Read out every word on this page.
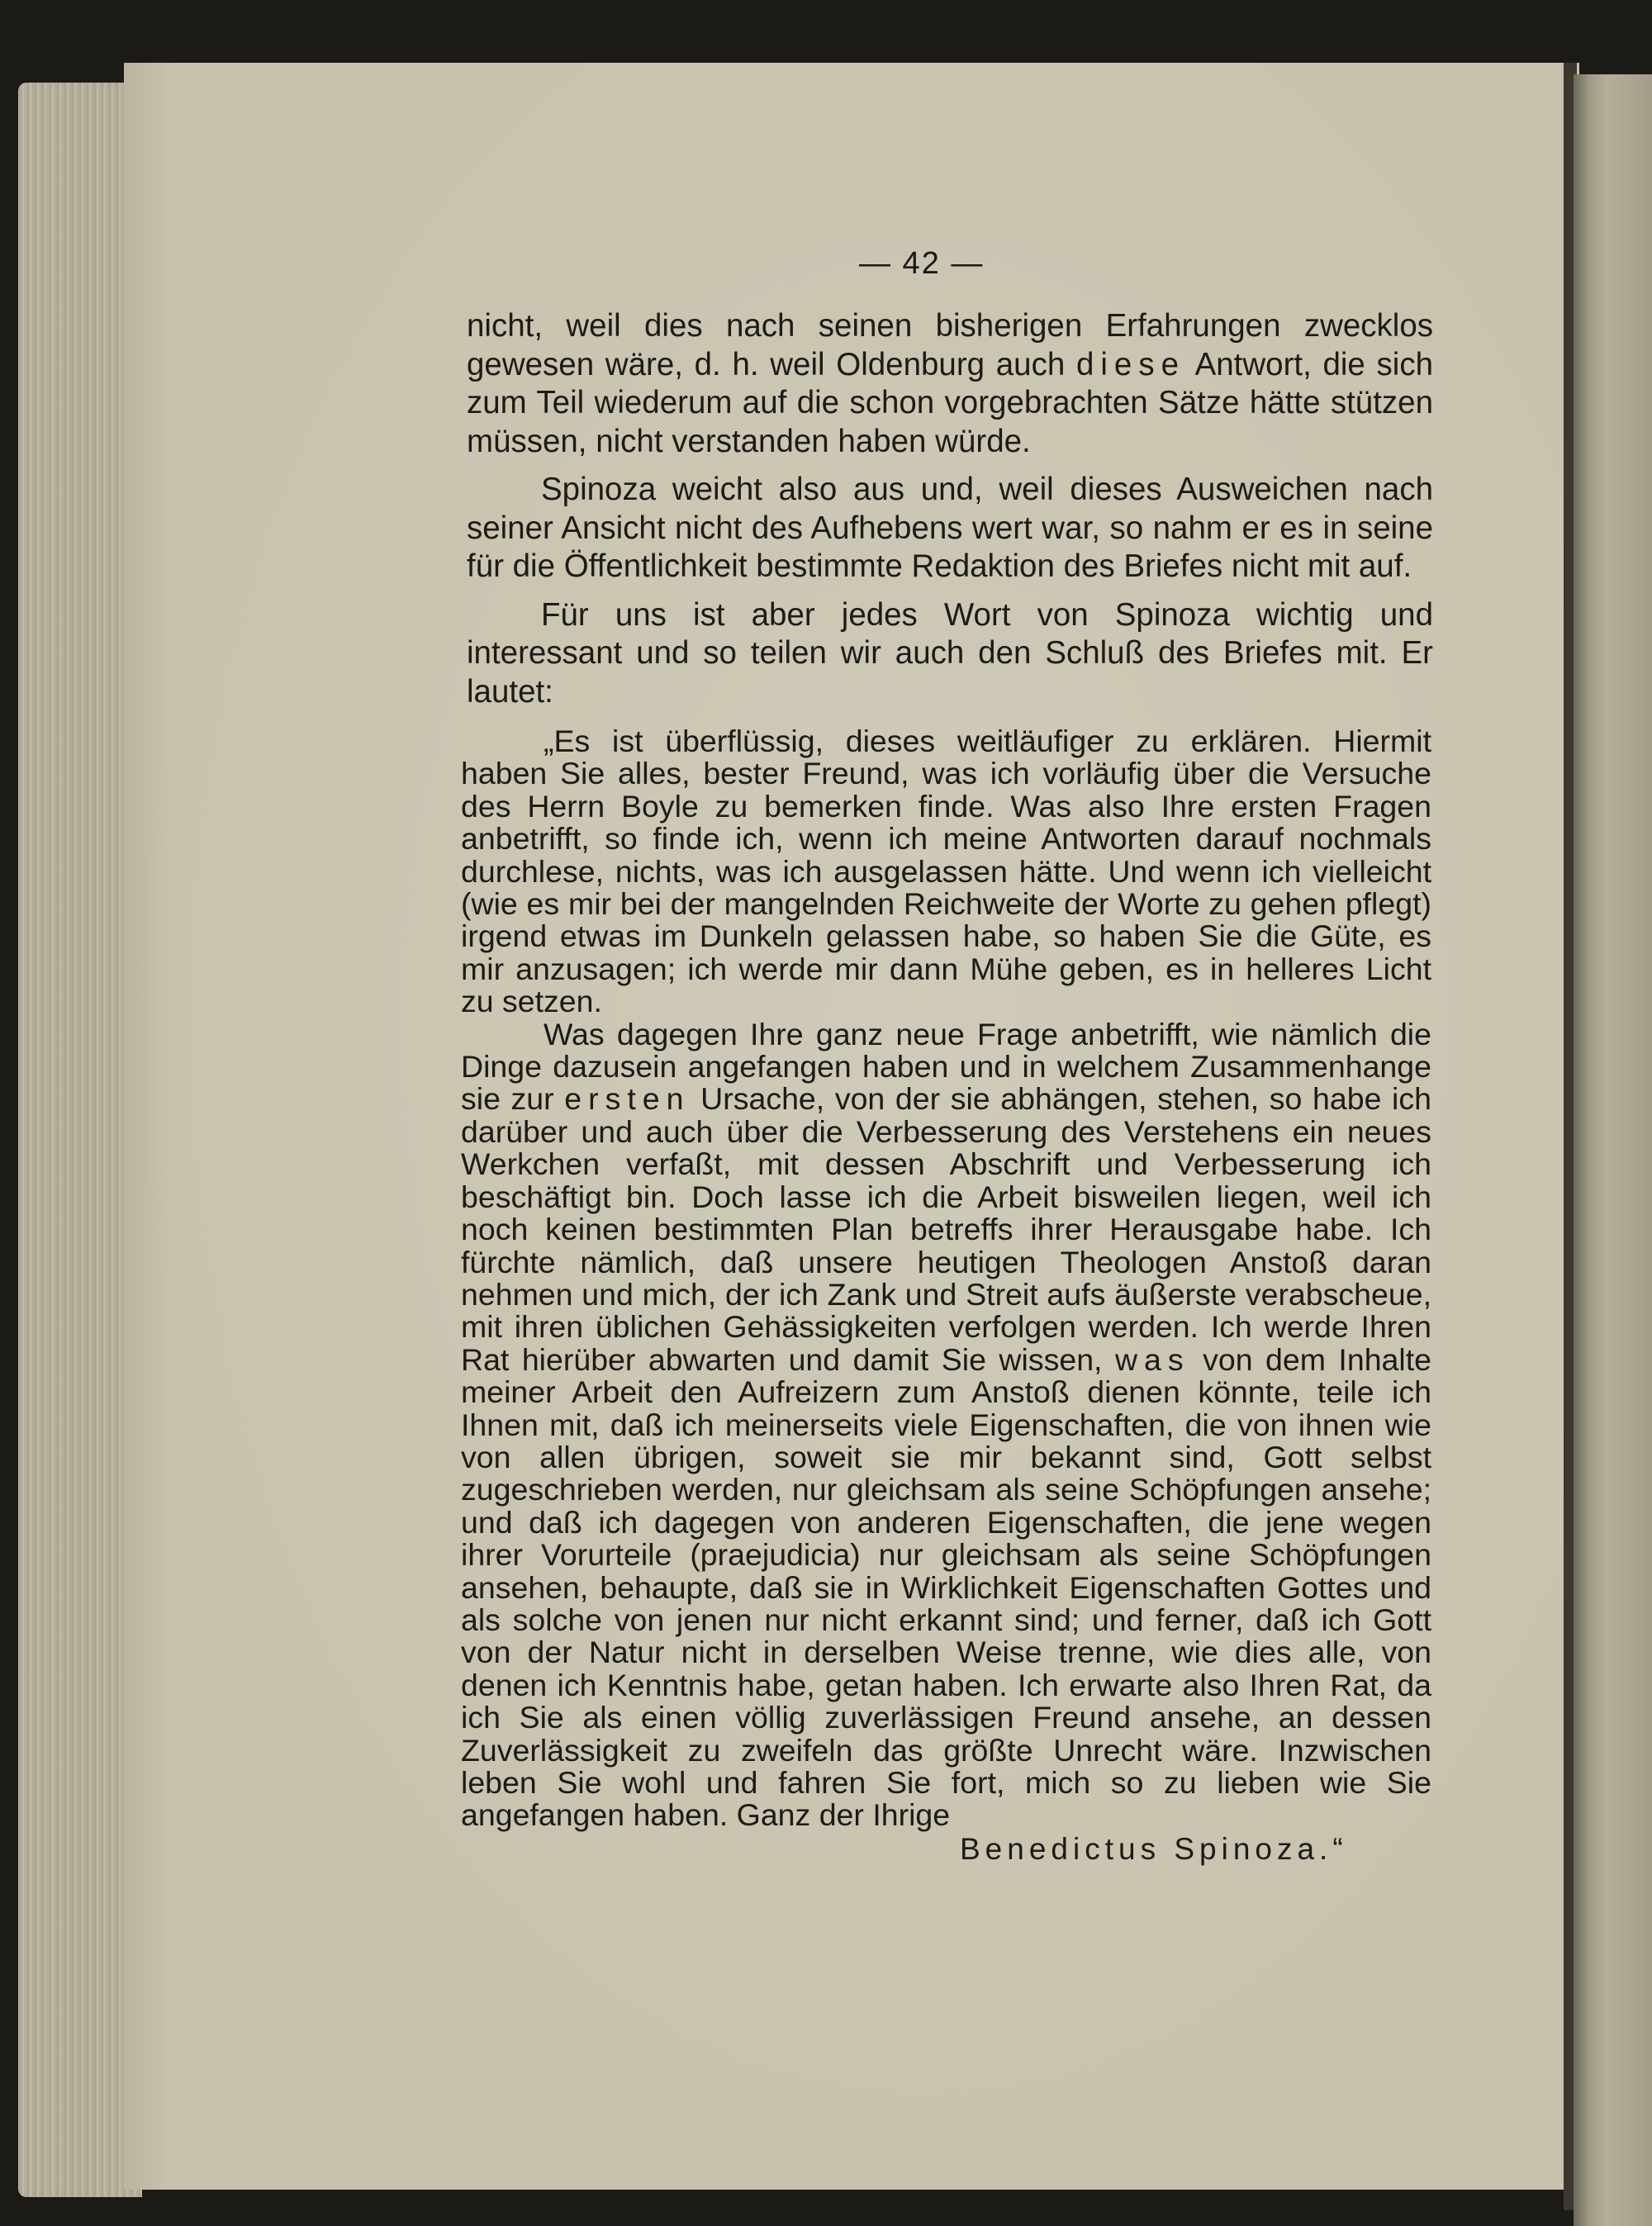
— 42 —

nicht, weil dies nach seinen bisherigen Erfahrungen zwecklos gewesen wäre, d. h. weil Oldenburg auch diese Antwort, die sich zum Teil wiederum auf die schon vorgebrachten Sätze hätte stützen müssen, nicht verstanden haben würde.

Spinoza weicht also aus und, weil dieses Ausweichen nach seiner Ansicht nicht des Aufhebens wert war, so nahm er es in seine für die Öffentlichkeit bestimmte Redaktion des Briefes nicht mit auf.

Für uns ist aber jedes Wort von Spinoza wichtig und interessant und so teilen wir auch den Schluß des Briefes mit. Er lautet:

„Es ist überflüssig, dieses weitläufiger zu erklären. Hiermit haben Sie alles, bester Freund, was ich vorläufig über die Versuche des Herrn Boyle zu bemerken finde. Was also Ihre ersten Fragen anbetrifft, so finde ich, wenn ich meine Antworten darauf nochmals durchlese, nichts, was ich ausgelassen hätte. Und wenn ich vielleicht (wie es mir bei der mangelnden Reichweite der Worte zu gehen pflegt) irgend etwas im Dunkeln gelassen habe, so haben Sie die Güte, es mir anzusagen; ich werde mir dann Mühe geben, es in helleres Licht zu setzen.

Was dagegen Ihre ganz neue Frage anbetrifft, wie nämlich die Dinge dazusein angefangen haben und in welchem Zusammenhange sie zur ersten Ursache, von der sie abhängen, stehen, so habe ich darüber und auch über die Verbesserung des Verstehens ein neues Werkchen verfaßt, mit dessen Abschrift und Verbesserung ich beschäftigt bin. Doch lasse ich die Arbeit bisweilen liegen, weil ich noch keinen bestimmten Plan betreffs ihrer Herausgabe habe. Ich fürchte nämlich, daß unsere heutigen Theologen Anstoß daran nehmen und mich, der ich Zank und Streit aufs äußerste verabscheue, mit ihren üblichen Gehässigkeiten verfolgen werden. Ich werde Ihren Rat hierüber abwarten und damit Sie wissen, was von dem Inhalte meiner Arbeit den Aufreizern zum Anstoß dienen könnte, teile ich Ihnen mit, daß ich meinerseits viele Eigenschaften, die von ihnen wie von allen übrigen, soweit sie mir bekannt sind, Gott selbst zugeschrieben werden, nur gleichsam als seine Schöpfungen ansehe; und daß ich dagegen von anderen Eigenschaften, die jene wegen ihrer Vorurteile (praejudicia) nur gleichsam als seine Schöpfungen ansehen, behaupte, daß sie in Wirklichkeit Eigenschaften Gottes und als solche von jenen nur nicht erkannt sind; und ferner, daß ich Gott von der Natur nicht in derselben Weise trenne, wie dies alle, von denen ich Kenntnis habe, getan haben. Ich erwarte also Ihren Rat, da ich Sie als einen völlig zuverlässigen Freund ansehe, an dessen Zuverlässigkeit zu zweifeln das größte Unrecht wäre. Inzwischen leben Sie wohl und fahren Sie fort, mich so zu lieben wie Sie angefangen haben. Ganz der Ihrige

Benedictus Spinoza.“
